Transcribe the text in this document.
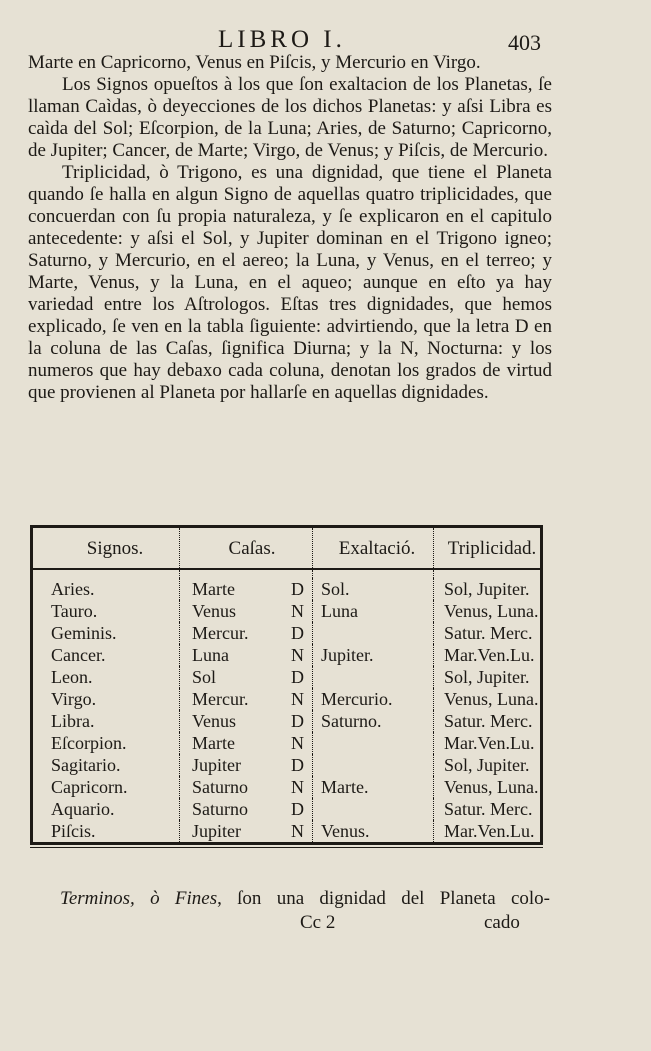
LIBRO I.	403

Marte en Capricorno, Venus en Piſcis, y Mercurio en Virgo.

Los Signos opueſtos à los que ſon exaltacion de los Planetas, ſe llaman Caìdas, ò deyecciones de los dichos Planetas: y aſsi Libra es caìda del Sol; Eſcorpion, de la Luna; Aries, de Saturno; Capricorno, de Jupiter; Cancer, de Marte; Virgo, de Venus; y Piſcis, de Mercurio.

Triplicidad, ò Trigono, es una dignidad, que tiene el Planeta quando ſe halla en algun Signo de aquellas quatro triplicidades, que concuerdan con ſu propia naturaleza, y ſe explicaron en el capitulo antecedente: y aſsi el Sol, y Jupiter dominan en el Trigono igneo; Saturno, y Mercurio, en el aereo; la Luna, y Venus, en el terreo; y Marte, Venus, y la Luna, en el aqueo; aunque en eſto ya hay variedad entre los Aſtrologos. Eſtas tres dignidades, que hemos explicado, ſe ven en la tabla ſiguiente: advirtiendo, que la letra D en la coluna de las Caſas, ſignifica Diurna; y la N, Nocturna: y los numeros que hay debaxo cada coluna, denotan los grados de virtud que provienen al Planeta por hallarſe en aquellas dignidades.

Signos.	Caſas.		Exaltació.	Triplicidad.

Aries.	Marte	D	Sol.	Sol, Jupiter.
Tauro.	Venus	N	Luna	Venus, Luna.
Geminis.	Mercur.	D		Satur. Merc.
Cancer.	Luna	N	Jupiter.	Mar.Ven.Lu.
Leon.	Sol	D		Sol, Jupiter.
Virgo.	Mercur.	N	Mercurio.	Venus, Luna.
Libra.	Venus	D	Saturno.	Satur. Merc.
Eſcorpion.	Marte	N		Mar.Ven.Lu.
Sagitario.	Jupiter	D		Sol, Jupiter.
Capricorn.	Saturno	N	Marte.	Venus, Luna.
Aquario.	Saturno	D		Satur. Merc.
Piſcis.	Jupiter	N	Venus.	Mar.Ven.Lu.
Terminos, ò Fines, ſon una dignidad del Planeta colo-
Cc 2	cado
